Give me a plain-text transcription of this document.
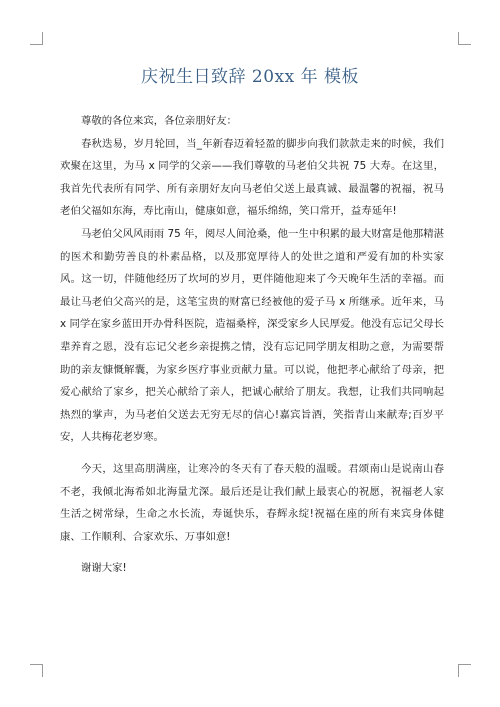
庆祝生日致辞 20xx 年 模板

尊敬的各位来宾，各位亲朋好友：

春秋迭易，岁月轮回，当_年新春迈着轻盈的脚步向我们款款走来的时候，我们欢聚在这里，为马 x 同学的父亲——我们尊敬的马老伯父共祝 75 大寿。在这里，我首先代表所有同学、所有亲朋好友向马老伯父送上最真诚、最温馨的祝福，祝马老伯父福如东海，寿比南山，健康如意，福乐绵绵，笑口常开，益寿延年!

马老伯父风风雨雨 75 年，阅尽人间沧桑，他一生中积累的最大财富是他那精湛的医术和勤劳善良的朴素品格，以及那宽厚待人的处世之道和严爱有加的朴实家风。这一切，伴随他经历了坎坷的岁月，更伴随他迎来了今天晚年生活的幸福。而最让马老伯父高兴的是，这笔宝贵的财富已经被他的爱子马 x 所继承。近年来，马 x 同学在家乡蓝田开办骨科医院，造福桑梓，深受家乡人民厚爱。他没有忘记父母长辈养育之恩，没有忘记父老乡亲提携之情，没有忘记同学朋友相助之意，为需要帮助的亲友慷慨解囊，为家乡医疗事业贡献力量。可以说，他把孝心献给了母亲，把爱心献给了家乡，把关心献给了亲人，把诚心献给了朋友。我想，让我们共同响起热烈的掌声，为马老伯父送去无穷无尽的信心!嘉宾旨酒，笑指青山来献寿;百岁平安，人共梅花老岁寒。

今天，这里高朋满座，让寒冷的冬天有了春天般的温暖。君颂南山是说南山春不老，我倾北海希如北海量尤深。最后还是让我们献上最衷心的祝愿，祝福老人家生活之树常绿，生命之水长流，寿诞快乐，春辉永绽!祝福在座的所有来宾身体健康、工作顺利、合家欢乐、万事如意!

谢谢大家!
